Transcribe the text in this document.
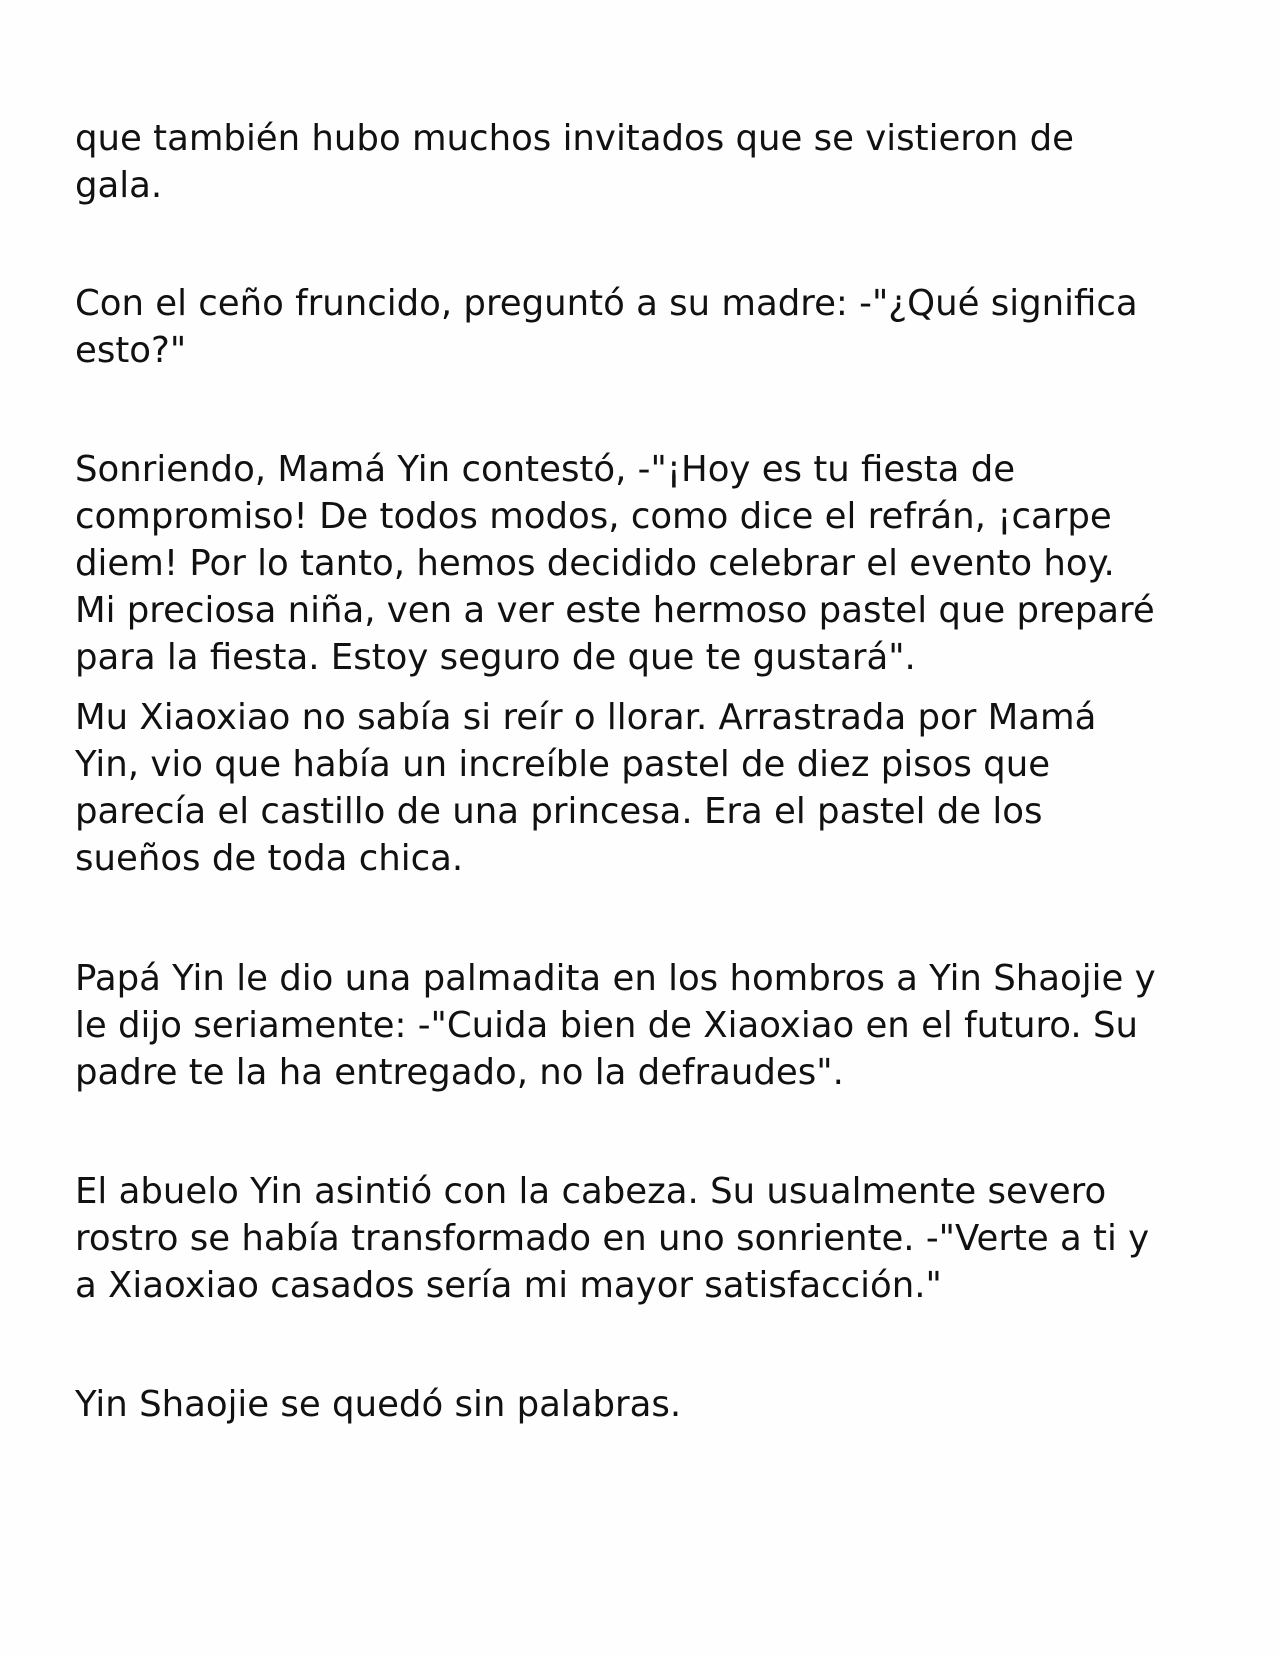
que también hubo muchos invitados que se vistieron de
gala.

Con el ceño fruncido, preguntó a su madre: -"¿Qué significa
esto?"

Sonriendo, Mamá Yin contestó, -"¡Hoy es tu fiesta de
compromiso! De todos modos, como dice el refrán, ¡carpe
diem! Por lo tanto, hemos decidido celebrar el evento hoy.
Mi preciosa niña, ven a ver este hermoso pastel que preparé
para la fiesta. Estoy seguro de que te gustará".

Mu Xiaoxiao no sabía si reír o llorar. Arrastrada por Mamá
Yin, vio que había un increíble pastel de diez pisos que
parecía el castillo de una princesa. Era el pastel de los
sueños de toda chica.

Papá Yin le dio una palmadita en los hombros a Yin Shaojie y
le dijo seriamente: -"Cuida bien de Xiaoxiao en el futuro. Su
padre te la ha entregado, no la defraudes".

El abuelo Yin asintió con la cabeza. Su usualmente severo
rostro se había transformado en uno sonriente. -"Verte a ti y
a Xiaoxiao casados sería mi mayor satisfacción."

Yin Shaojie se quedó sin palabras.
